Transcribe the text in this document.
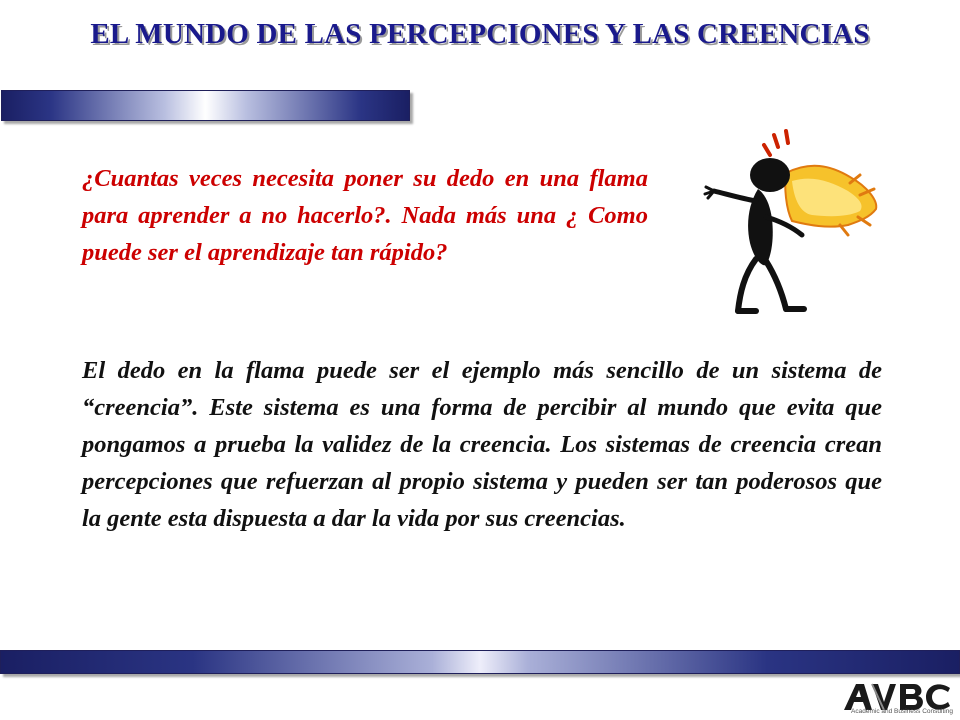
EL MUNDO DE LAS PERCEPCIONES Y LAS CREENCIAS
¿Cuantas veces necesita poner su dedo en una flama para aprender a no hacerlo?. Nada más una ¿ Como puede ser el aprendizaje tan rápido?
El dedo en la flama puede ser el ejemplo más sencillo de un sistema de “creencia”. Este sistema es una forma de percibir al mundo que evita que pongamos a prueba la validez de la creencia. Los sistemas de creencia crean percepciones que refuerzan al propio sistema y pueden ser tan poderosos que la gente esta dispuesta a dar la vida por sus creencias.
Academic and Business Consulting
